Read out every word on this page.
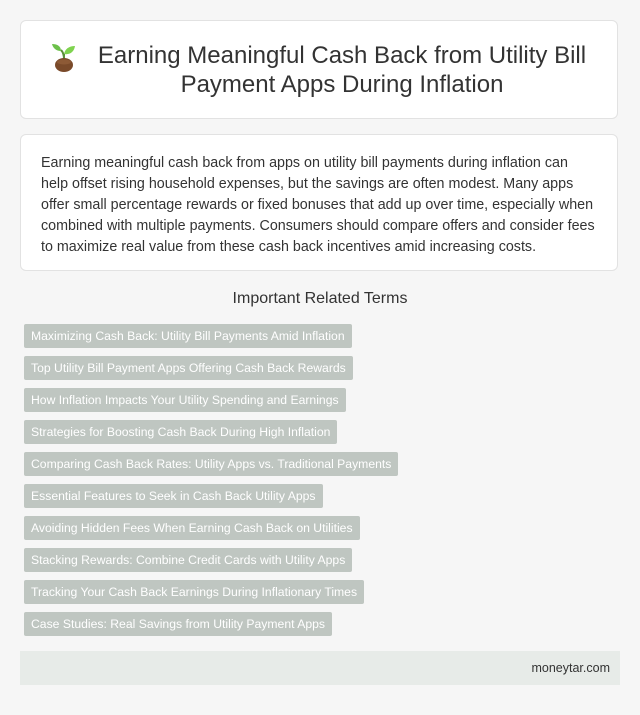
Earning Meaningful Cash Back from Utility Bill Payment Apps During Inflation

Earning meaningful cash back from apps on utility bill payments during inflation can help offset rising household expenses, but the savings are often modest. Many apps offer small percentage rewards or fixed bonuses that add up over time, especially when combined with multiple payments. Consumers should compare offers and consider fees to maximize real value from these cash back incentives amid increasing costs.

Important Related Terms
Maximizing Cash Back: Utility Bill Payments Amid Inflation
Top Utility Bill Payment Apps Offering Cash Back Rewards
How Inflation Impacts Your Utility Spending and Earnings
Strategies for Boosting Cash Back During High Inflation
Comparing Cash Back Rates: Utility Apps vs. Traditional Payments
Essential Features to Seek in Cash Back Utility Apps
Avoiding Hidden Fees When Earning Cash Back on Utilities
Stacking Rewards: Combine Credit Cards with Utility Apps
Tracking Your Cash Back Earnings During Inflationary Times
Case Studies: Real Savings from Utility Payment Apps
moneytar.com
